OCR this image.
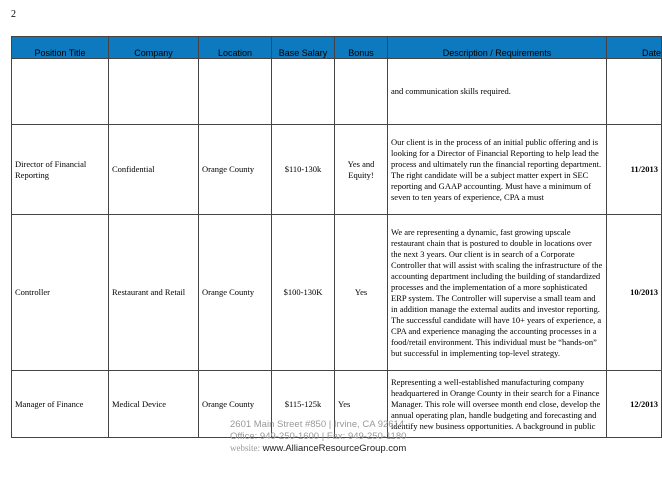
2
Position Title	Company	Location	Base Salary	Bonus	Description / Requirements	Date
					and communication skills required.	
Director of Financial Reporting	Confidential	Orange County	$110-130k	Yes and Equity!	Our client is in the process of an initial public offering and is looking for a Director of Financial Reporting to help lead the process and ultimately run the financial reporting department. The right candidate will be a subject matter expert in SEC reporting and GAAP accounting. Must have a minimum of seven to ten years of experience, CPA a must	11/2013
Controller	Restaurant and Retail	Orange County	$100-130K	Yes	We are representing a dynamic, fast growing upscale restaurant chain that is postured to double in locations over the next 3 years. Our client is in search of a Corporate Controller that will assist with scaling the infrastructure of the accounting department including the building of standardized processes and the implementation of a more sophisticated ERP system. The Controller will supervise a small team and in addition manage the external audits and investor reporting. The successful candidate will have 10+ years of experience, a CPA and experience managing the accounting processes in a food/retail environment. This individual must be “hands-on” but successful in implementing top-level strategy.	10/2013
Manager of Finance	Medical Device	Orange County	$115-125k	Yes	Representing a well-established manufacturing company headquartered in Orange County in their search for a Finance Manager. This role will oversee month end close, develop the annual operating plan, handle budgeting and forecasting and identify new business opportunities. A background in public	12/2013
2601 Main Street #850 | Irvine, CA 92614
Office: 949-250-1600 | Fax: 949-250-1180
website: www.AllianceResourceGroup.com
